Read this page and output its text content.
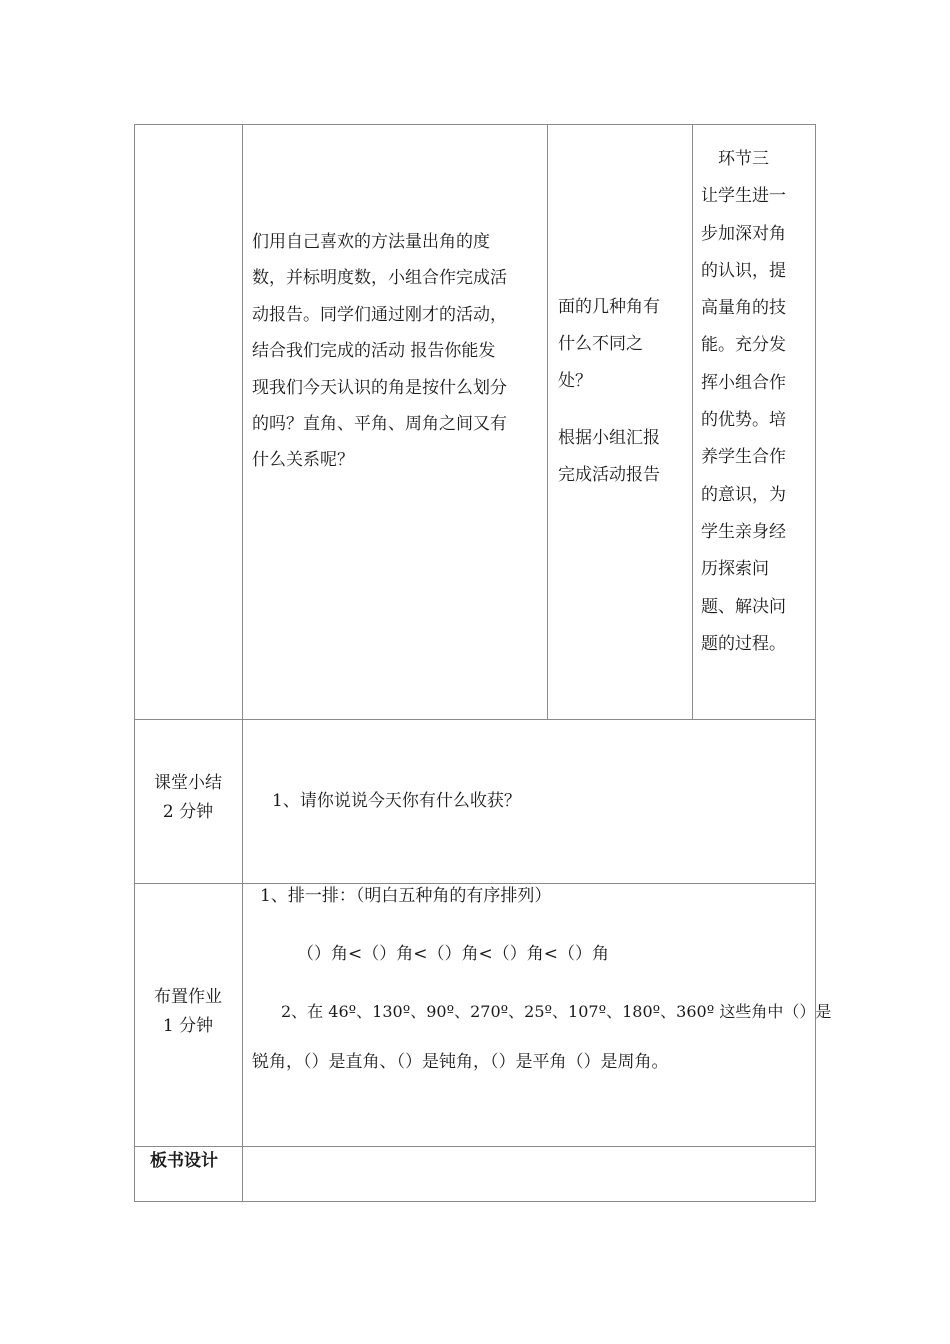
们用自己喜欢的方法量出角的度
数，并标明度数，小组合作完成活
动报告。同学们通过刚才的活动，
结合我们完成的活动 报告你能发
现我们今天认识的角是按什么划分
的吗？直角、平角、周角之间又有
什么关系呢？
面的几种角有
什么不同之
处？
根据小组汇报
完成活动报告
　环节三
让学生进一
步加深对角
的认识，提
高量角的技
能。充分发
挥小组合作
的优势。培
养学生合作
的意识，为
学生亲身经
历探索问
题、解决问
题的过程。
课堂小结
2 分钟
1、请你说说今天你有什么收获？
布置作业
1 分钟
1、排一排：（明白五种角的有序排列）
（）角<（）角<（）角<（）角<（）角
2、在 46º、130º、90º、270º、25º、107º、180º、360º 这些角中（）是
锐角，（）是直角、（）是钝角，（）是平角（）是周角。
板书设计
